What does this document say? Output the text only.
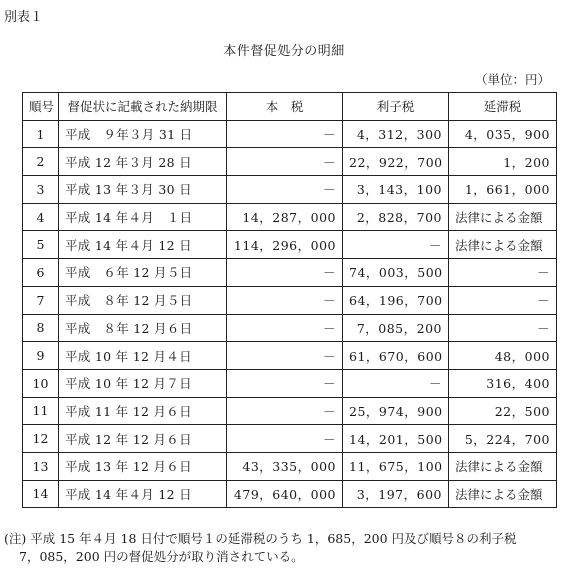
別表１
本件督促処分の明細
（単位：円）
順号	督促状に記載された納期限	本　税	利子税	延滞税
1	平成　９年３月 31 日	－	4，312，300	4，035，900
2	平成 12 年３月 28 日	－	22，922，700	1，200
3	平成 13 年３月 30 日	－	3，143，100	1，661，000
4	平成 14 年４月　１日	14，287，000	2，828，700	法律による金額
5	平成 14 年４月 12 日	114，296，000	－	法律による金額
6	平成　６年 12 月５日	－	74，003，500	－
7	平成　８年 12 月５日	－	64，196，700	－
8	平成　８年 12 月６日	－	7，085，200	－
9	平成 10 年 12 月４日	－	61，670，600	48，000
10	平成 10 年 12 月７日	－	－	316，400
11	平成 11 年 12 月６日	－	25，974，900	22，500
12	平成 12 年 12 月６日	－	14，201，500	5，224，700
13	平成 13 年 12 月６日	43，335，000	11，675，100	法律による金額
14	平成 14 年４月 12 日	479，640，000	3，197，600	法律による金額
(注) 平成 15 年４月 18 日付で順号１の延滞税のうち 1，685，200 円及び順号８の利子税
7，085，200 円の督促処分が取り消されている。
